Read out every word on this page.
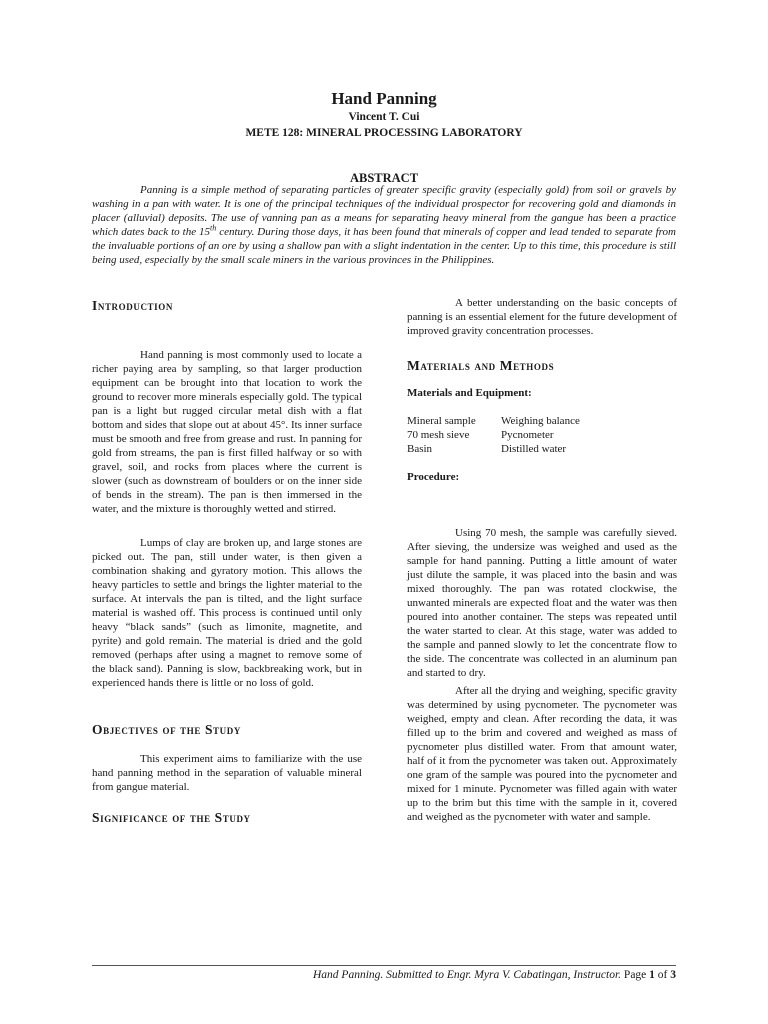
Hand Panning
Vincent T. Cui
METE 128: MINERAL PROCESSING LABORATORY
ABSTRACT

Panning is a simple method of separating particles of greater specific gravity (especially gold) from soil or gravels by washing in a pan with water. It is one of the principal techniques of the individual prospector for recovering gold and diamonds in placer (alluvial) deposits. The use of vanning pan as a means for separating heavy mineral from the gangue has been a practice which dates back to the 15th century. During those days, it has been found that minerals of copper and lead tended to separate from the invaluable portions of an ore by using a shallow pan with a slight indentation in the center. Up to this time, this procedure is still being used, especially by the small scale miners in the various provinces in the Philippines.

Introduction

Hand panning is most commonly used to locate a richer paying area by sampling, so that larger production equipment can be brought into that location to work the ground to recover more minerals especially gold. The typical pan is a light but rugged circular metal dish with a flat bottom and sides that slope out at about 45°. Its inner surface must be smooth and free from grease and rust. In panning for gold from streams, the pan is first filled halfway or so with gravel, soil, and rocks from places where the current is slower (such as downstream of boulders or on the inner side of bends in the stream). The pan is then immersed in the water, and the mixture is thoroughly wetted and stirred.

Lumps of clay are broken up, and large stones are picked out. The pan, still under water, is then given a combination shaking and gyratory motion. This allows the heavy particles to settle and brings the lighter material to the surface. At intervals the pan is tilted, and the light surface material is washed off. This process is continued until only heavy “black sands” (such as limonite, magnetite, and pyrite) and gold remain. The material is dried and the gold removed (perhaps after using a magnet to remove some of the black sand). Panning is slow, backbreaking work, but in experienced hands there is little or no loss of gold.

Objectives of the Study

This experiment aims to familiarize with the use hand panning method in the separation of valuable mineral from gangue material.

Significance of the Study

A better understanding on the basic concepts of panning is an essential element for the future development of improved gravity concentration processes.

Materials and Methods

Materials and Equipment:

Mineral sample	Weighing balance
70 mesh sieve	Pycnometer
Basin	Distilled water

Procedure:

Using 70 mesh, the sample was carefully sieved. After sieving, the undersize was weighed and used as the sample for hand panning. Putting a little amount of water just dilute the sample, it was placed into the basin and was mixed thoroughly. The pan was rotated clockwise, the unwanted minerals are expected float and the water was then poured into another container. The steps was repeated until the water started to clear. At this stage, water was added to the sample and panned slowly to let the concentrate flow to the side. The concentrate was collected in an aluminum pan and started to dry.

After all the drying and weighing, specific gravity was determined by using pycnometer. The pycnometer was weighed, empty and clean. After recording the data, it was filled up to the brim and covered and weighed as mass of pycnometer plus distilled water. From that amount water, half of it from the pycnometer was taken out. Approximately one gram of the sample was poured into the pycnometer and mixed for 1 minute. Pycnometer was filled again with water up to the brim but this time with the sample in it, covered and weighed as the pycnometer with water and sample.

Hand Panning. Submitted to Engr. Myra V. Cabatingan, Instructor. Page 1 of 3
